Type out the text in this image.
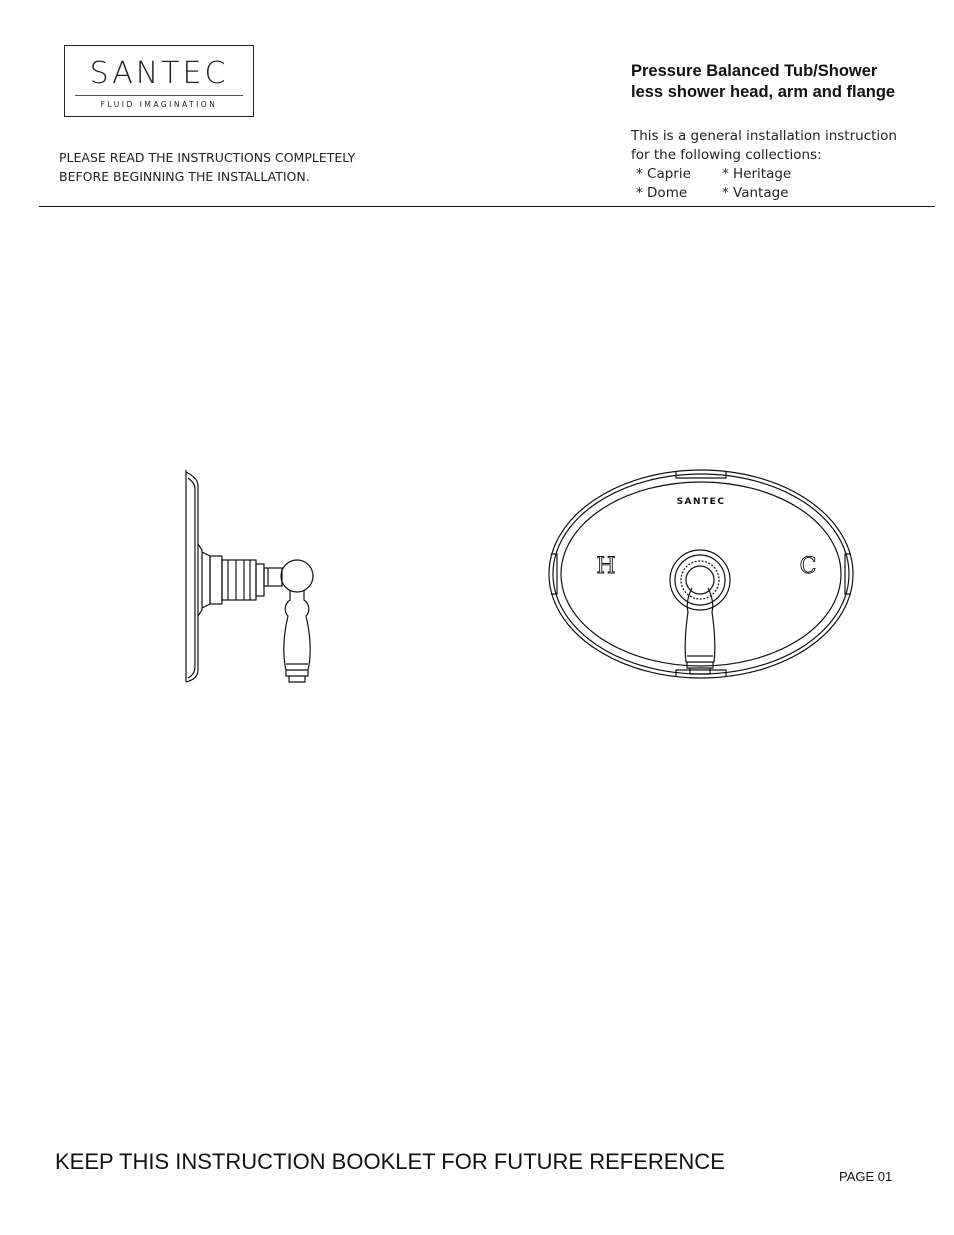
SANTEC
FLUID IMAGINATION
PLEASE READ THE INSTRUCTIONS COMPLETELY
BEFORE BEGINNING THE INSTALLATION.
Pressure Balanced Tub/Shower
less shower head, arm and flange
This is a general installation instruction
for the following collections:
* Caprie	* Heritage
* Dome	* Vantage
SANTEC
H	C
KEEP THIS INSTRUCTION BOOKLET FOR FUTURE REFERENCE
PAGE 01
